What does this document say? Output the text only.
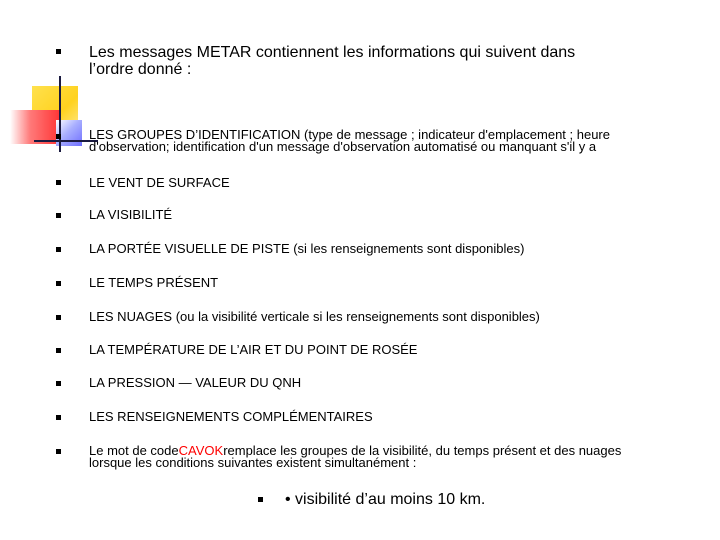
Les messages METAR contiennent les informations qui suivent dans
l’ordre donné :
LES GROUPES D’IDENTIFICATION (type de message ; indicateur d'emplacement ; heure
d'observation; identification d'un message d'observation automatisé ou manquant s'il y a
LE VENT DE SURFACE
LA VISIBILITÉ
LA PORTÉE VISUELLE DE PISTE (si les renseignements sont disponibles)
LE TEMPS PRÉSENT
LES NUAGES (ou la visibilité verticale si les renseignements sont disponibles)
LA TEMPÉRATURE DE L’AIR ET DU POINT DE ROSÉE
LA PRESSION — VALEUR DU QNH
LES RENSEIGNEMENTS COMPLÉMENTAIRES
Le mot de codeCAVOKremplace les groupes de la visibilité, du temps présent et des nuages
lorsque les conditions suivantes existent simultanément :
• visibilité d’au moins 10 km.
